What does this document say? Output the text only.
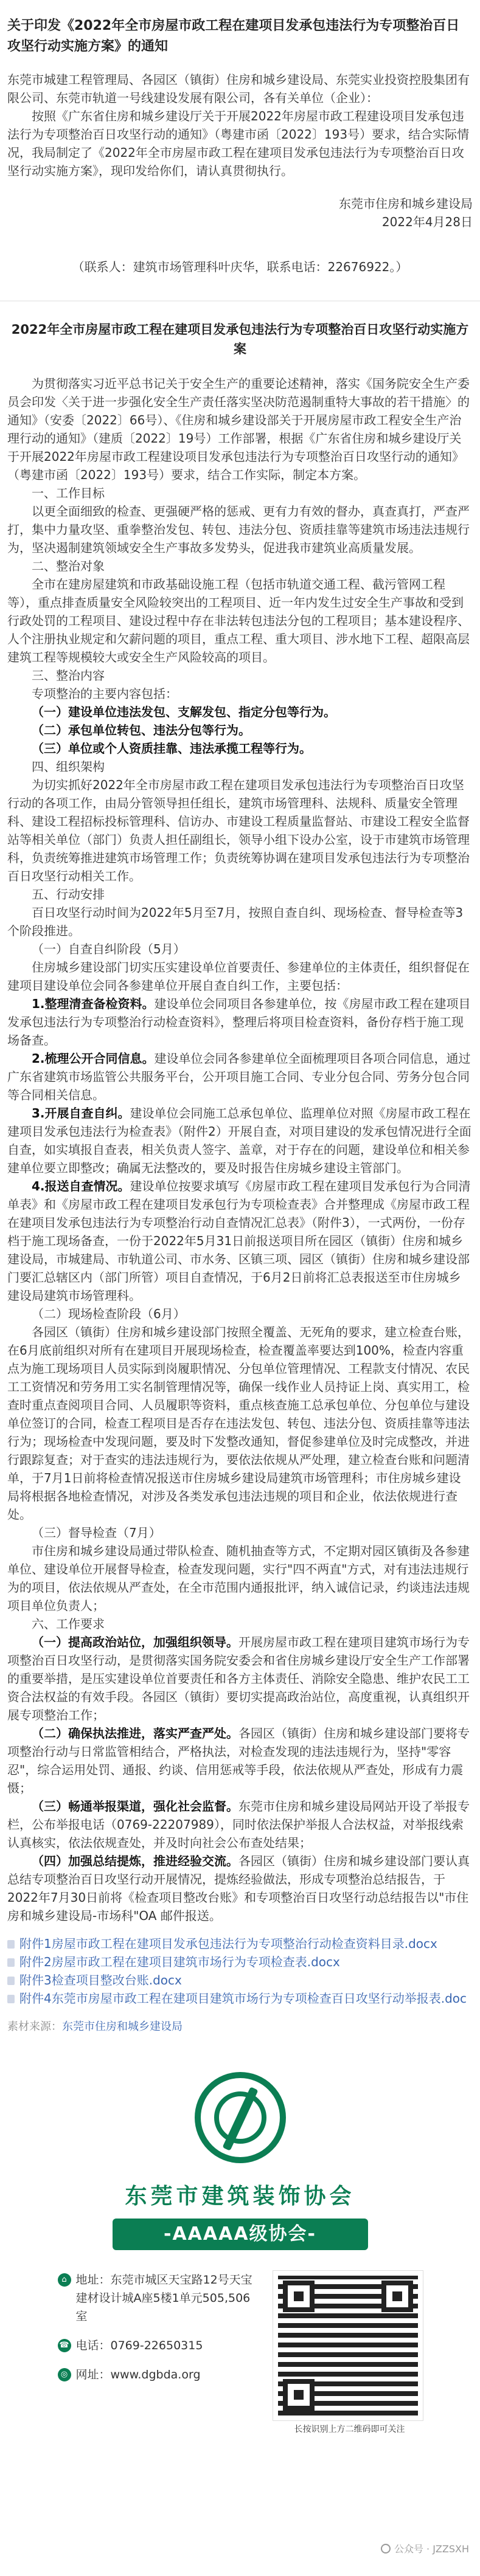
关于印发《2022年全市房屋市政工程在建项目发承包违法行为专项整治百日攻坚行动实施方案》的通知

东莞市城建工程管理局、各园区（镇街）住房和城乡建设局、东莞实业投资控股集团有限公司、东莞市轨道一号线建设发展有限公司，各有关单位（企业）：

按照《广东省住房和城乡建设厅关于开展2022年房屋市政工程建设项目发承包违法行为专项整治百日攻坚行动的通知》（粤建市函〔2022〕193号）要求，结合实际情况，我局制定了《2022年全市房屋市政工程在建项目发承包违法行为专项整治百日攻坚行动实施方案》，现印发给你们，请认真贯彻执行。

东莞市住房和城乡建设局

2022年4月28日

（联系人：建筑市场管理科叶庆华，联系电话：22676922。）

2022年全市房屋市政工程在建项目发承包违法行为专项整治百日攻坚行动实施方案

为贯彻落实习近平总书记关于安全生产的重要论述精神，落实《国务院安全生产委员会印发〈关于进一步强化安全生产责任落实坚决防范遏制重特大事故的若干措施〉的通知》（安委〔2022〕66号）、《住房和城乡建设部关于开展房屋市政工程安全生产治理行动的通知》（建质〔2022〕19号）工作部署，根据《广东省住房和城乡建设厅关于开展2022年房屋市政工程建设项目发承包违法行为专项整治百日攻坚行动的通知》（粤建市函〔2022〕193号）要求，结合工作实际，制定本方案。

一、工作目标

以更全面细致的检查、更强硬严格的惩戒、更有力有效的督办，真查真打，严查严打，集中力量攻坚、重拳整治发包、转包、违法分包、资质挂靠等建筑市场违法违规行为，坚决遏制建筑领域安全生产事故多发势头，促进我市建筑业高质量发展。

二、整治对象

全市在建房屋建筑和市政基础设施工程（包括市轨道交通工程、截污管网工程等），重点排查质量安全风险较突出的工程项目、近一年内发生过安全生产事故和受到行政处罚的工程项目、建设过程中存在非法转包违法分包的工程项目；基本建设程序、人个注册执业规定和欠薪问题的项目，重点工程、重大项目、涉水地下工程、超限高层建筑工程等规模较大或安全生产风险较高的项目。

三、整治内容

专项整治的主要内容包括：

（一）建设单位违法发包、支解发包、指定分包等行为。

（二）承包单位转包、违法分包等行为。

（三）单位或个人资质挂靠、违法承揽工程等行为。

四、组织架构

为切实抓好2022年全市房屋市政工程在建项目发承包违法行为专项整治百日攻坚行动的各项工作，由局分管领导担任组长，建筑市场管理科、法规科、质量安全管理科、建设工程招标投标管理科、信访办、市建设工程质量监督站、市建设工程安全监督站等相关单位（部门）负责人担任副组长，领导小组下设办公室，设于市建筑市场管理科，负责统筹推进建筑市场管理工作；负责统筹协调在建项目发承包违法行为专项整治百日攻坚行动相关工作。

五、行动安排

百日攻坚行动时间为2022年5月至7月，按照自查自纠、现场检查、督导检查等3个阶段推进。

（一）自查自纠阶段（5月）

住房城乡建设部门切实压实建设单位首要责任、参建单位的主体责任，组织督促在建项目建设单位会同各参建单位开展自查自纠工作，主要包括：

1.整理清查备检资料。建设单位会同项目各参建单位，按《房屋市政工程在建项目发承包违法行为专项整治行动检查资料》，整理后将项目检查资料，备份存档于施工现场备查。

2.梳理公开合同信息。建设单位会同各参建单位全面梳理项目各项合同信息，通过广东省建筑市场监管公共服务平台，公开项目施工合同、专业分包合同、劳务分包合同等合同相关信息。

3.开展自查自纠。建设单位会同施工总承包单位、监理单位对照《房屋市政工程在建项目发承包违法行为检查表》（附件2）开展自查，对项目建设的发承包情况进行全面自查，如实填报自查表，相关负责人签字、盖章，对于存在的问题，建设单位和相关参建单位要立即整改；确属无法整改的，要及时报告住房城乡建设主管部门。

4.报送自查情况。建设单位按要求填写《房屋市政工程在建项目发承包行为合同清单表》和《房屋市政工程在建项目发承包行为专项检查表》合并整理成《房屋市政工程在建项目发承包违法行为专项整治行动自查情况汇总表》（附件3），一式两份，一份存档于施工现场备查，一份于2022年5月31日前报送项目所在园区（镇街）住房和城乡建设局，市城建局、市轨道公司、市水务、区镇三项、园区（镇街）住房和城乡建设部门要汇总辖区内（部门所管）项目自查情况，于6月2日前将汇总表报送至市住房城乡建设局建筑市场管理科。

（二）现场检查阶段（6月）

各园区（镇街）住房和城乡建设部门按照全覆盖、无死角的要求，建立检查台账，在6月底前组织对所有在建项目开展现场检查，检查覆盖率要达到100%，检查内容重点为施工现场项目人员实际到岗履职情况、分包单位管理情况、工程款支付情况、农民工工资情况和劳务用工实名制管理情况等，确保一线作业人员持证上岗、真实用工，检查时重点查阅项目合同、人员履职等资料，重点核查施工总承包单位、分包单位与建设单位签订的合同，检查工程项目是否存在违法发包、转包、违法分包、资质挂靠等违法行为；现场检查中发现问题，要及时下发整改通知，督促参建单位及时完成整改，并进行跟踪复查；对于查实的违法违规行为，要依法依规从严处理，建立检查台账和问题清单，于7月1日前将检查情况报送市住房城乡建设局建筑市场管理科；市住房城乡建设局将根据各地检查情况，对涉及各类发承包违法违规的项目和企业，依法依规进行查处。

（三）督导检查（7月）

市住房和城乡建设局通过带队检查、随机抽查等方式，不定期对园区镇街及各参建单位、建设单位开展督导检查，检查发现问题，实行"四不两直"方式，对有违法违规行为的项目，依法依规从严查处，在全市范围内通报批评，纳入诚信记录，约谈违法违规项目单位负责人；

六、工作要求

（一）提高政治站位，加强组织领导。开展房屋市政工程在建项目建筑市场行为专项整治百日攻坚行动，是贯彻落实国务院安委会和省住房城乡建设厅安全生产工作部署的重要举措，是压实建设单位首要责任和各方主体责任、消除安全隐患、维护农民工工资合法权益的有效手段。各园区（镇街）要切实提高政治站位，高度重视，认真组织开展专项整治工作；

（二）确保执法推进，落实严查严处。各园区（镇街）住房和城乡建设部门要将专项整治行动与日常监管相结合，严格执法，对检查发现的违法违规行为，坚持"零容忍"，综合运用处罚、通报、约谈、信用惩戒等手段，依法依规从严查处，形成有力震慑；

（三）畅通举报渠道，强化社会监督。东莞市住房和城乡建设局网站开设了举报专栏，公布举报电话（0769-22207989），同时依法保护举报人合法权益，对举报线索认真核实，依法依规查处，并及时向社会公布查处结果；

（四）加强总结提炼，推进经验交流。各园区（镇街）住房和城乡建设部门要认真总结专项整治百日攻坚行动开展情况，提炼经验做法，形成专项整治总结报告，于2022年7月30日前将《检查项目整改台账》和专项整治百日攻坚行动总结报告以"市住房和城乡建设局-市场科"OA 邮件报送。

附件1房屋市政工程在建项目发承包违法行为专项整治行动检查资料目录.docx
附件2房屋市政工程在建项目建筑市场行为专项检查表.docx
附件3检查项目整改台账.docx
附件4东莞市房屋市政工程在建项目建筑市场行为专项检查百日攻坚行动举报表.doc

素材来源：东莞市住房和城乡建设局

东莞市建筑装饰协会
-AAAAA级协会-
⌂ 地址：东莞市城区天宝路12号天宝建材设计城A座5楼1单元505,506室
☎ 电话：0769-22650315
◎ 网址：www.dgbda.org
长按识别上方二维码即可关注
公众号 · JZZSXH
